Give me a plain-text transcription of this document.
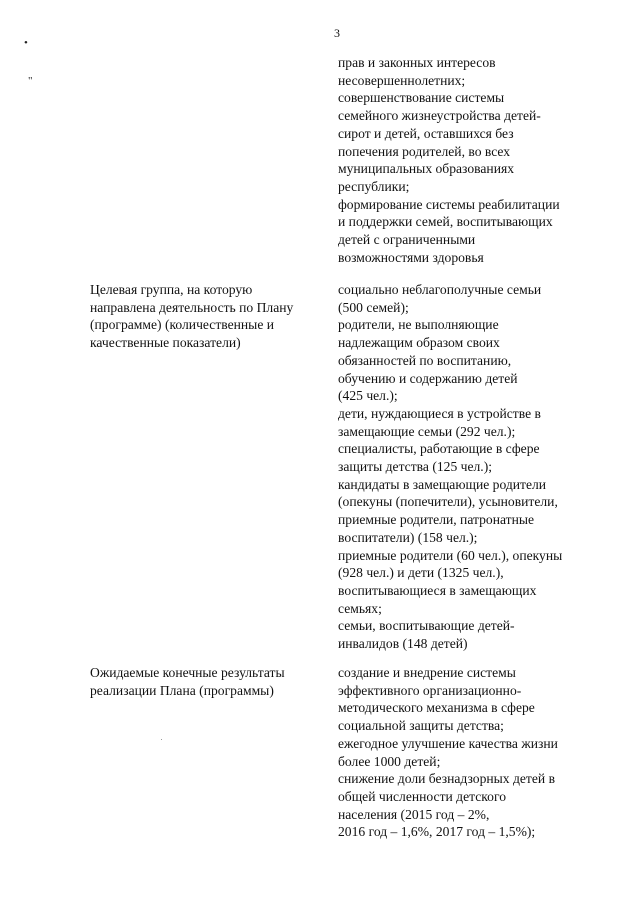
3
•
"
прав и законных интересов
несовершеннолетних;
совершенствование системы
семейного жизнеустройства детей-
сирот и детей, оставшихся без
попечения родителей, во всех
муниципальных образованиях
республики;
формирование системы реабилитации
и поддержки семей, воспитывающих
детей с ограниченными
возможностями здоровья
Целевая группа, на которую
направлена деятельность по Плану
(программе) (количественные и
качественные показатели)
социально неблагополучные семьи
(500 семей);
родители, не выполняющие
надлежащим образом своих
обязанностей по воспитанию,
обучению и содержанию детей
(425 чел.);
дети, нуждающиеся в устройстве в
замещающие семьи (292 чел.);
специалисты, работающие в сфере
защиты детства (125 чел.);
кандидаты в замещающие родители
(опекуны (попечители), усыновители,
приемные родители, патронатные
воспитатели) (158 чел.);
приемные родители (60 чел.), опекуны
(928 чел.) и дети (1325 чел.),
воспитывающиеся в замещающих
семьях;
семьи, воспитывающие детей-
инвалидов (148 детей)
Ожидаемые конечные результаты
реализации Плана (программы)
создание и внедрение системы
эффективного организационно-
методического механизма в сфере
социальной защиты детства;
ежегодное улучшение качества жизни
более 1000 детей;
снижение доли безнадзорных детей в
общей численности детского
населения (2015 год – 2%,
2016 год – 1,6%, 2017 год – 1,5%);
